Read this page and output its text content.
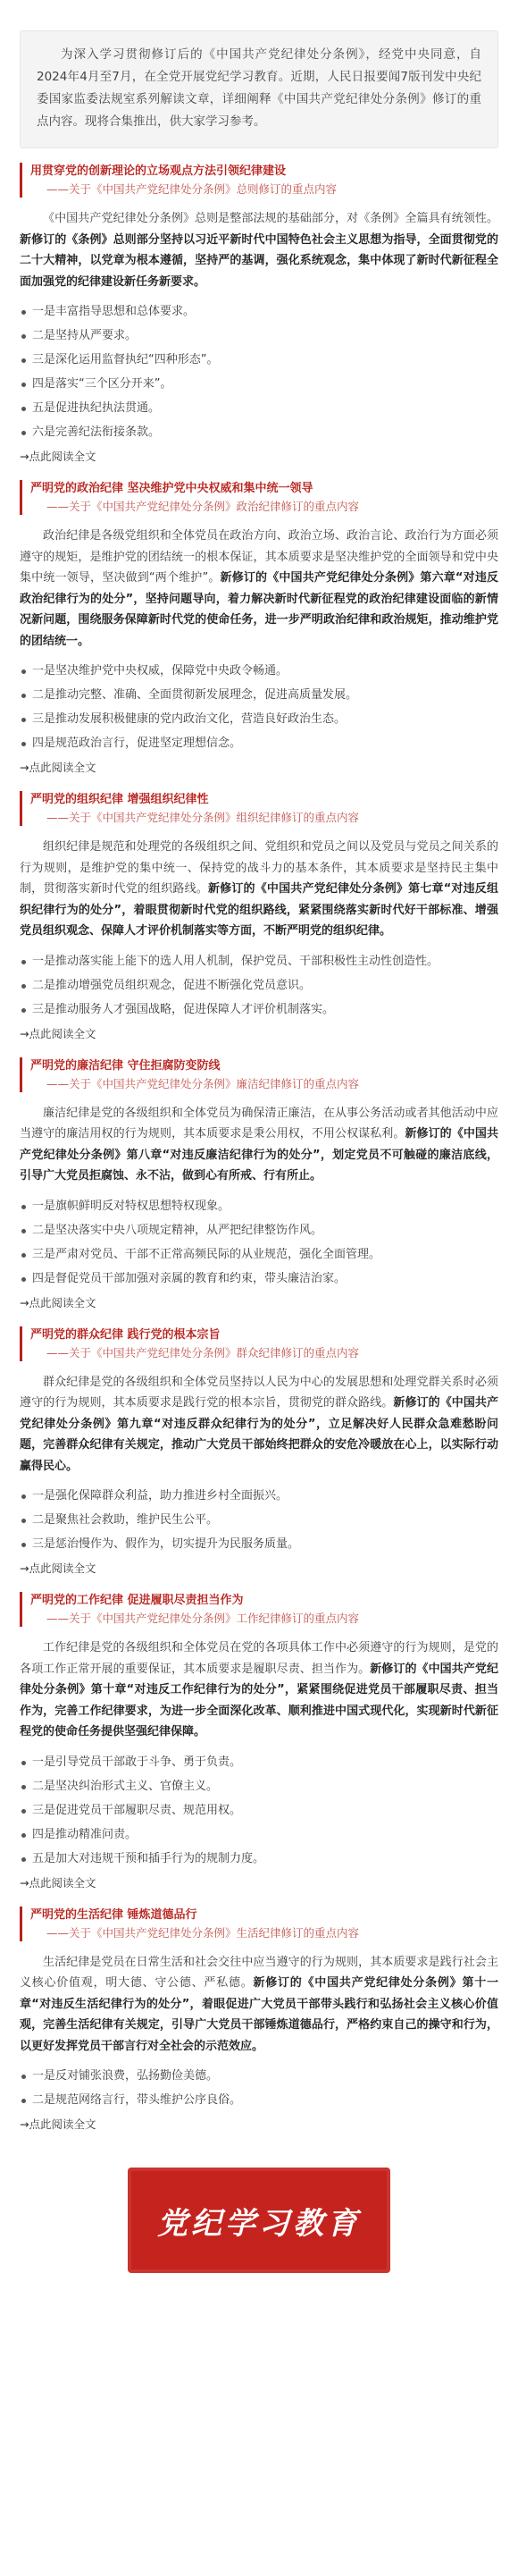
为深入学习贯彻修订后的《中国共产党纪律处分条例》，经党中央同意，自2024年4月至7月，在全党开展党纪学习教育。近期，人民日报要闻7版刊发中央纪委国家监委法规室系列解读文章，详细阐释《中国共产党纪律处分条例》修订的重点内容。现将合集推出，供大家学习参考。
用贯穿党的创新理论的立场观点方法引领纪律建设
——关于《中国共产党纪律处分条例》总则修订的重点内容

《中国共产党纪律处分条例》总则是整部法规的基础部分，对《条例》全篇具有统领性。新修订的《条例》总则部分坚持以习近平新时代中国特色社会主义思想为指导，全面贯彻党的二十大精神，以党章为根本遵循，坚持严的基调，强化系统观念，集中体现了新时代新征程全面加强党的纪律建设新任务新要求。

一是丰富指导思想和总体要求。
二是坚持从严要求。
三是深化运用监督执纪“四种形态”。
四是落实“三个区分开来”。
五是促进执纪执法贯通。
六是完善纪法衔接条款。
→点此阅读全文
严明党的政治纪律 坚决维护党中央权威和集中统一领导
——关于《中国共产党纪律处分条例》政治纪律修订的重点内容

政治纪律是各级党组织和全体党员在政治方向、政治立场、政治言论、政治行为方面必须遵守的规矩，是维护党的团结统一的根本保证，其本质要求是坚决维护党的全面领导和党中央集中统一领导，坚决做到“两个维护”。新修订的《中国共产党纪律处分条例》第六章“对违反政治纪律行为的处分”，坚持问题导向，着力解决新时代新征程党的政治纪律建设面临的新情况新问题，围绕服务保障新时代党的使命任务，进一步严明政治纪律和政治规矩，推动维护党的团结统一。

一是坚决维护党中央权威，保障党中央政令畅通。
二是推动完整、准确、全面贯彻新发展理念，促进高质量发展。
三是推动发展积极健康的党内政治文化，营造良好政治生态。
四是规范政治言行，促进坚定理想信念。
→点此阅读全文
严明党的组织纪律 增强组织纪律性
——关于《中国共产党纪律处分条例》组织纪律修订的重点内容

组织纪律是规范和处理党的各级组织之间、党组织和党员之间以及党员与党员之间关系的行为规则，是维护党的集中统一、保持党的战斗力的基本条件，其本质要求是坚持民主集中制，贯彻落实新时代党的组织路线。新修订的《中国共产党纪律处分条例》第七章“对违反组织纪律行为的处分”，着眼贯彻新时代党的组织路线，紧紧围绕落实新时代好干部标准、增强党员组织观念、保障人才评价机制落实等方面，不断严明党的组织纪律。

一是推动落实能上能下的选人用人机制，保护党员、干部积极性主动性创造性。
二是推动增强党员组织观念，促进不断强化党员意识。
三是推动服务人才强国战略，促进保障人才评价机制落实。
→点此阅读全文
严明党的廉洁纪律 守住拒腐防变防线
——关于《中国共产党纪律处分条例》廉洁纪律修订的重点内容

廉洁纪律是党的各级组织和全体党员为确保清正廉洁，在从事公务活动或者其他活动中应当遵守的廉洁用权的行为规则，其本质要求是秉公用权，不用公权谋私利。新修订的《中国共产党纪律处分条例》第八章“对违反廉洁纪律行为的处分”，划定党员不可触碰的廉洁底线，引导广大党员拒腐蚀、永不沾，做到心有所戒、行有所止。

一是旗帜鲜明反对特权思想特权现象。
二是坚决落实中央八项规定精神，从严把纪律整饬作风。
三是严肃对党员、干部不正常高频民际的从业规范，强化全面管理。
四是督促党员干部加强对亲属的教育和约束，带头廉洁治家。
→点此阅读全文
严明党的群众纪律 践行党的根本宗旨
——关于《中国共产党纪律处分条例》群众纪律修订的重点内容

群众纪律是党的各级组织和全体党员坚持以人民为中心的发展思想和处理党群关系时必须遵守的行为规则，其本质要求是践行党的根本宗旨，贯彻党的群众路线。新修订的《中国共产党纪律处分条例》第九章“对违反群众纪律行为的处分”，立足解决好人民群众急难愁盼问题，完善群众纪律有关规定，推动广大党员干部始终把群众的安危冷暖放在心上，以实际行动赢得民心。

一是强化保障群众利益，助力推进乡村全面振兴。
二是聚焦社会救助，维护民生公平。
三是惩治慢作为、假作为，切实提升为民服务质量。
→点此阅读全文
严明党的工作纪律 促进履职尽责担当作为
——关于《中国共产党纪律处分条例》工作纪律修订的重点内容

工作纪律是党的各级组织和全体党员在党的各项具体工作中必须遵守的行为规则，是党的各项工作正常开展的重要保证，其本质要求是履职尽责、担当作为。新修订的《中国共产党纪律处分条例》第十章“对违反工作纪律行为的处分”，紧紧围绕促进党员干部履职尽责、担当作为，完善工作纪律要求，为进一步全面深化改革、顺利推进中国式现代化，实现新时代新征程党的使命任务提供坚强纪律保障。

一是引导党员干部敢于斗争、勇于负责。
二是坚决纠治形式主义、官僚主义。
三是促进党员干部履职尽责、规范用权。
四是推动精准问责。
五是加大对违规干预和插手行为的规制力度。
→点此阅读全文
严明党的生活纪律 锤炼道德品行
——关于《中国共产党纪律处分条例》生活纪律修订的重点内容

生活纪律是党员在日常生活和社会交往中应当遵守的行为规则，其本质要求是践行社会主义核心价值观，明大德、守公德、严私德。新修订的《中国共产党纪律处分条例》第十一章“对违反生活纪律行为的处分”，着眼促进广大党员干部带头践行和弘扬社会主义核心价值观，完善生活纪律有关规定，引导广大党员干部锤炼道德品行，严格约束自己的操守和行为，以更好发挥党员干部言行对全社会的示范效应。

一是反对铺张浪费，弘扬勤俭美德。
二是规范网络言行，带头维护公序良俗。
→点此阅读全文
党纪学习教育
